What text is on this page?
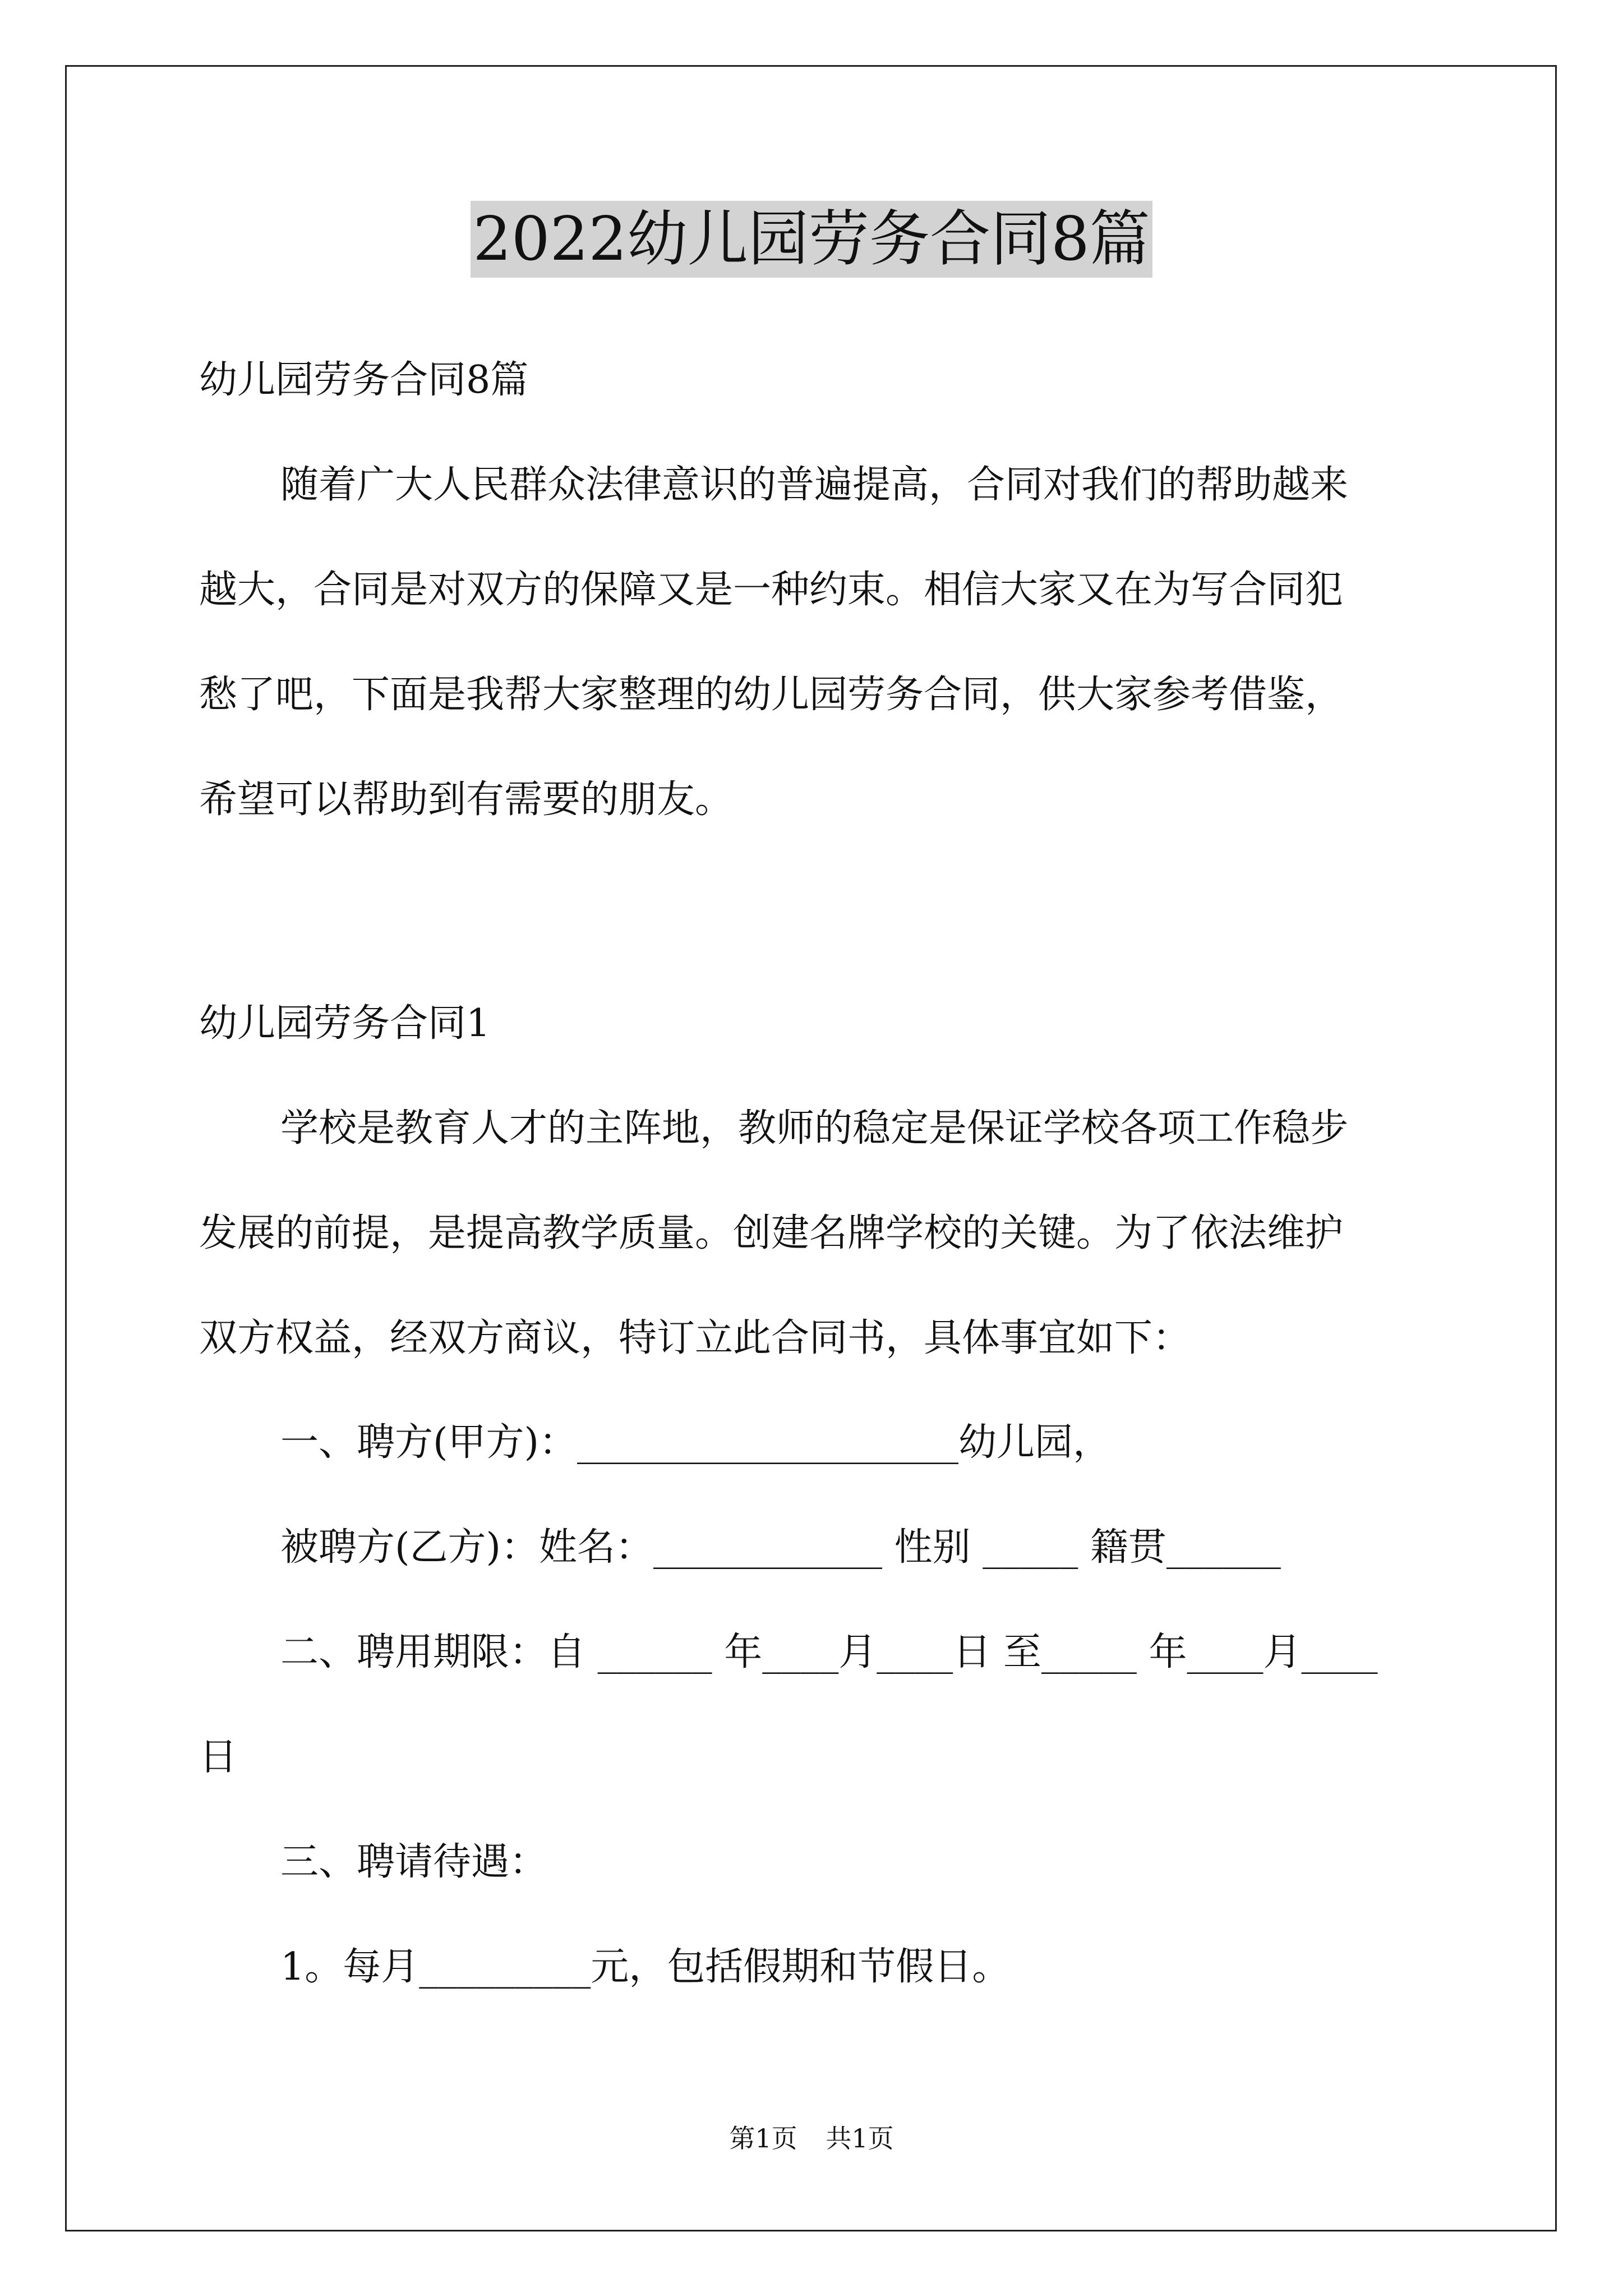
2022幼儿园劳务合同8篇

幼儿园劳务合同8篇

随着广大人民群众法律意识的普遍提高，合同对我们的帮助越来

越大，合同是对双方的保障又是一种约束。相信大家又在为写合同犯

愁了吧，下面是我帮大家整理的幼儿园劳务合同，供大家参考借鉴，

希望可以帮助到有需要的朋友。

幼儿园劳务合同1

学校是教育人才的主阵地，教师的稳定是保证学校各项工作稳步

发展的前提，是提高教学质量。创建名牌学校的关键。为了依法维护

双方权益，经双方商议，特订立此合同书，具体事宜如下：

一、聘方(甲方)：____________________幼儿园，

被聘方(乙方)：姓名：____________ 性别 _____ 籍贯______

二、聘用期限：自 ______ 年____月____日 至_____ 年____月____

日

三、聘请待遇：

1。每月_________元，包括假期和节假日。

第1页 共1页
